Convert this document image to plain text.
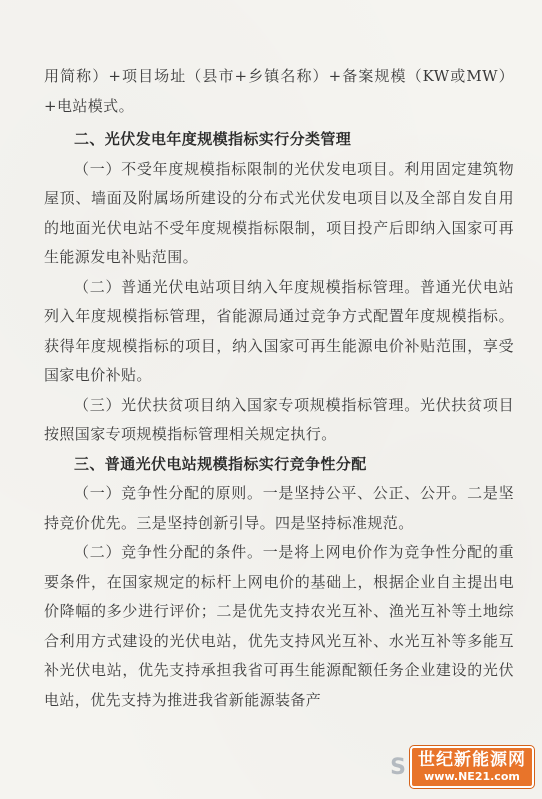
用简称）+项目场址（县市+乡镇名称）+备案规模（KW或MW）+电站模式。

二、光伏发电年度规模指标实行分类管理

（一）不受年度规模指标限制的光伏发电项目。利用固定建筑物屋顶、墙面及附属场所建设的分布式光伏发电项目以及全部自发自用的地面光伏电站不受年度规模指标限制，项目投产后即纳入国家可再生能源发电补贴范围。

（二）普通光伏电站项目纳入年度规模指标管理。普通光伏电站列入年度规模指标管理，省能源局通过竞争方式配置年度规模指标。获得年度规模指标的项目，纳入国家可再生能源电价补贴范围，享受国家电价补贴。

（三）光伏扶贫项目纳入国家专项规模指标管理。光伏扶贫项目按照国家专项规模指标管理相关规定执行。

三、普通光伏电站规模指标实行竞争性分配

（一）竞争性分配的原则。一是坚持公平、公正、公开。二是坚持竞价优先。三是坚持创新引导。四是坚持标准规范。

（二）竞争性分配的条件。一是将上网电价作为竞争性分配的重要条件，在国家规定的标杆上网电价的基础上，根据企业自主提出电价降幅的多少进行评价；二是优先支持农光互补、渔光互补等土地综合利用方式建设的光伏电站，优先支持风光互补、水光互补等多能互补光伏电站，优先支持承担我省可再生能源配额任务企业建设的光伏电站，优先支持为推进我省新能源装备产

S 世纪新能源网
www.NE21.com
